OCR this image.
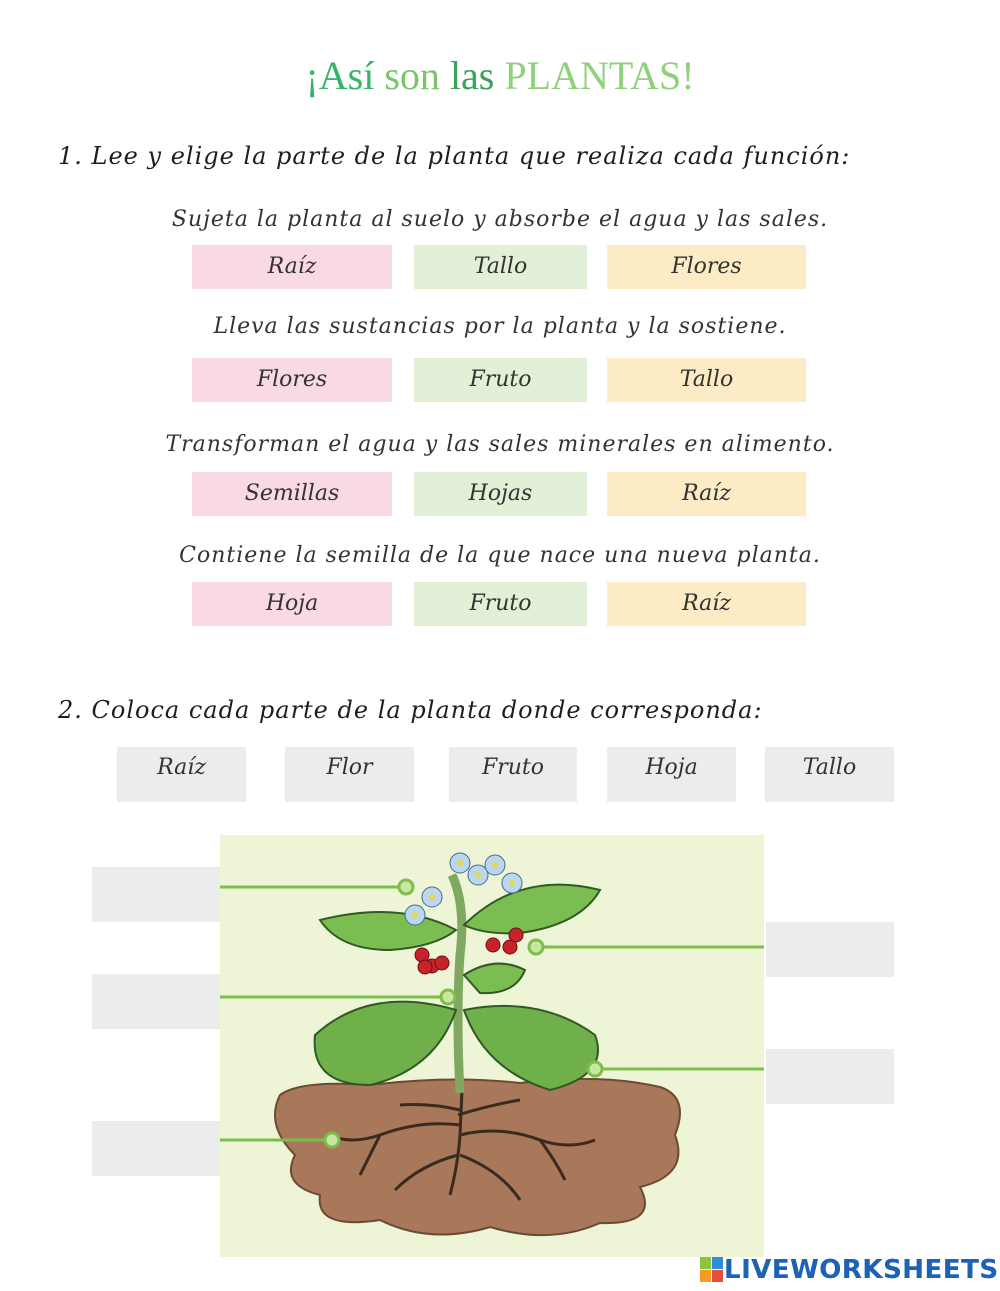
¡Así son las PLANTAS!
1. Lee y elige la parte de la planta que realiza cada función:
Sujeta la planta al suelo y absorbe el agua y las sales.
Raíz	Tallo	Flores
Lleva las sustancias por la planta y la sostiene.
Flores	Fruto	Tallo
Transforman el agua y las sales minerales en alimento.
Semillas	Hojas	Raíz
Contiene la semilla de la que nace una nueva planta.
Hoja	Fruto	Raíz
2. Coloca cada parte de la planta donde corresponda:
Raíz	Flor	Fruto	Hoja	Tallo
LIVEWORKSHEETS
